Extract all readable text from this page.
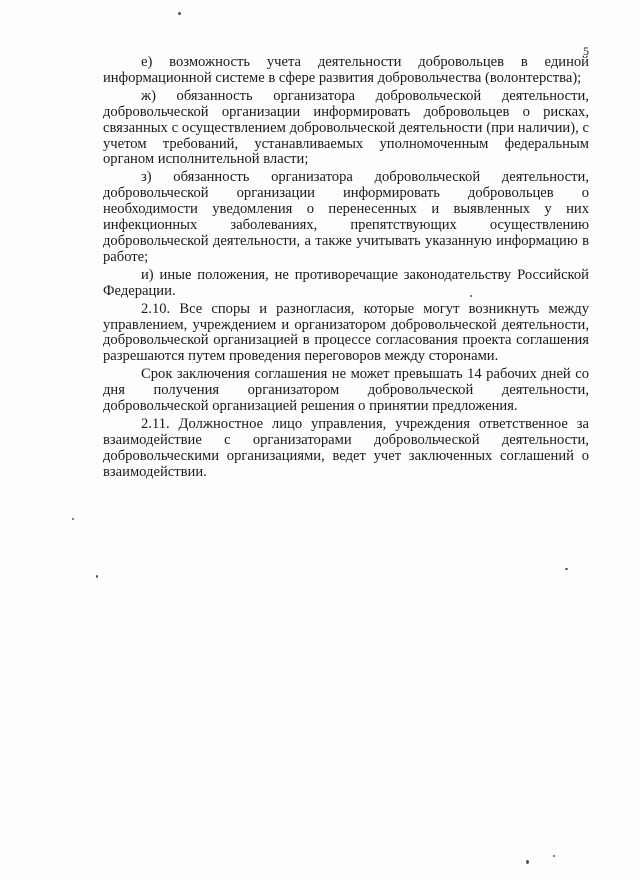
5

е) возможность учета деятельности добровольцев в единой информационной системе в сфере развития добровольчества (волонтерства);

ж) обязанность организатора добровольческой деятельности, добровольческой организации информировать добровольцев о рисках, связанных с осуществлением добровольческой деятельности (при наличии), с учетом требований, устанавливаемых уполномоченным федеральным органом исполнительной власти;

з) обязанность организатора добровольческой деятельности, добровольческой организации информировать добровольцев о необходимости уведомления о перенесенных и выявленных у них инфекционных заболеваниях, препятствующих осуществлению добровольческой деятельности, а также учитывать указанную информацию в работе;

и) иные положения, не противоречащие законодательству Российской Федерации.

2.10. Все споры и разногласия, которые могут возникнуть между управлением, учреждением и организатором добровольческой деятельности, добровольческой организацией в процессе согласования проекта соглашения разрешаются путем проведения переговоров между сторонами.

Срок заключения соглашения не может превышать 14 рабочих дней со дня получения организатором добровольческой деятельности, добровольческой организацией решения о принятии предложения.

2.11. Должностное лицо управления, учреждения ответственное за взаимодействие с организаторами добровольческой деятельности, добровольческими организациями, ведет учет заключенных соглашений о взаимодействии.
